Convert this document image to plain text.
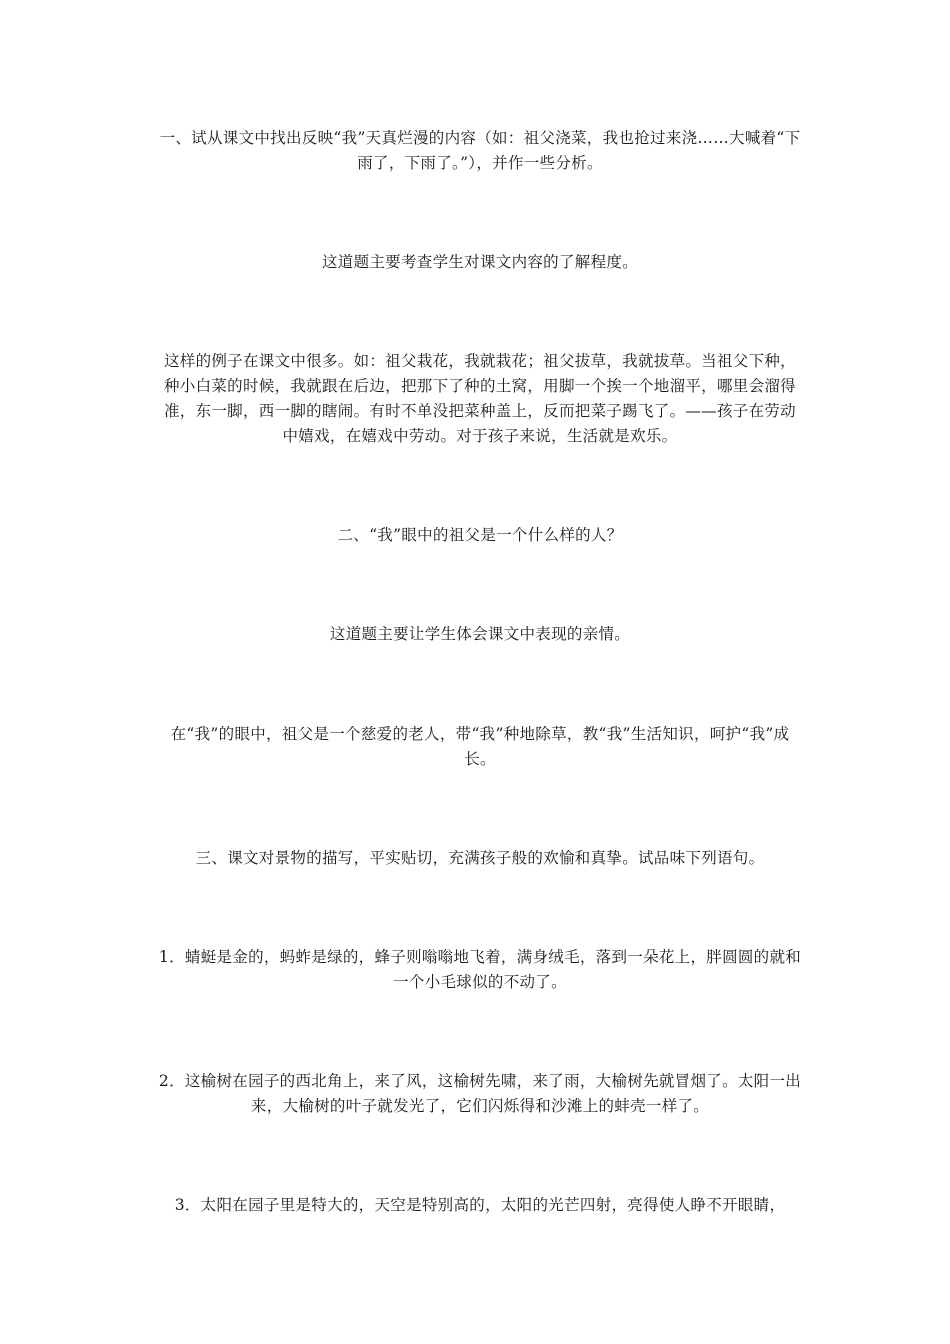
一、试从课文中找出反映“我”天真烂漫的内容（如：祖父浇菜，我也抢过来浇……大喊着“下雨了，下雨了。”），并作一些分析。

这道题主要考查学生对课文内容的了解程度。

这样的例子在课文中很多。如：祖父栽花，我就栽花；祖父拔草，我就拔草。当祖父下种，种小白菜的时候，我就跟在后边，把那下了种的土窝，用脚一个挨一个地溜平，哪里会溜得准，东一脚，西一脚的瞎闹。有时不单没把菜种盖上，反而把菜子踢飞了。——孩子在劳动中嬉戏，在嬉戏中劳动。对于孩子来说，生活就是欢乐。

二、“我”眼中的祖父是一个什么样的人？

这道题主要让学生体会课文中表现的亲情。

在“我”的眼中，祖父是一个慈爱的老人，带“我”种地除草，教“我”生活知识，呵护“我”成长。

三、课文对景物的描写，平实贴切，充满孩子般的欢愉和真挚。试品味下列语句。

1．蜻蜓是金的，蚂蚱是绿的，蜂子则嗡嗡地飞着，满身绒毛，落到一朵花上，胖圆圆的就和一个小毛球似的不动了。

2．这榆树在园子的西北角上，来了风，这榆树先啸，来了雨，大榆树先就冒烟了。太阳一出来，大榆树的叶子就发光了，它们闪烁得和沙滩上的蚌壳一样了。

3．太阳在园子里是特大的，天空是特别高的，太阳的光芒四射，亮得使人睁不开眼睛，
